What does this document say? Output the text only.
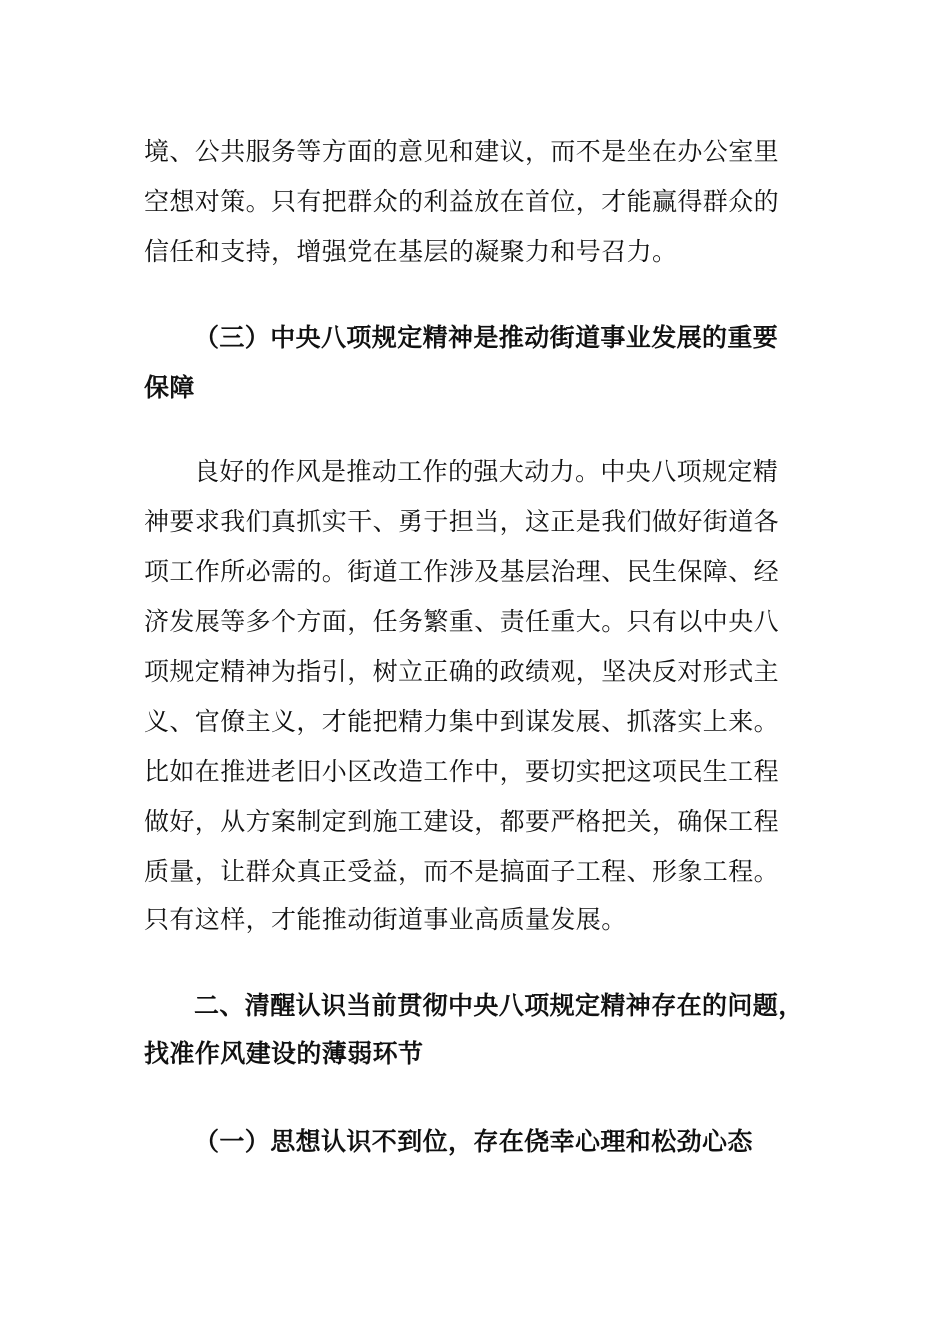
境、公共服务等方面的意见和建议，而不是坐在办公室里
空想对策。只有把群众的利益放在首位，才能赢得群众的
信任和支持，增强党在基层的凝聚力和号召力。
（三）中央八项规定精神是推动街道事业发展的重要
保障
良好的作风是推动工作的强大动力。中央八项规定精
神要求我们真抓实干、勇于担当，这正是我们做好街道各
项工作所必需的。街道工作涉及基层治理、民生保障、经
济发展等多个方面，任务繁重、责任重大。只有以中央八
项规定精神为指引，树立正确的政绩观，坚决反对形式主
义、官僚主义，才能把精力集中到谋发展、抓落实上来。
比如在推进老旧小区改造工作中，要切实把这项民生工程
做好，从方案制定到施工建设，都要严格把关，确保工程
质量，让群众真正受益，而不是搞面子工程、形象工程。
只有这样，才能推动街道事业高质量发展。
二、清醒认识当前贯彻中央八项规定精神存在的问题，
找准作风建设的薄弱环节
（一）思想认识不到位，存在侥幸心理和松劲心态
